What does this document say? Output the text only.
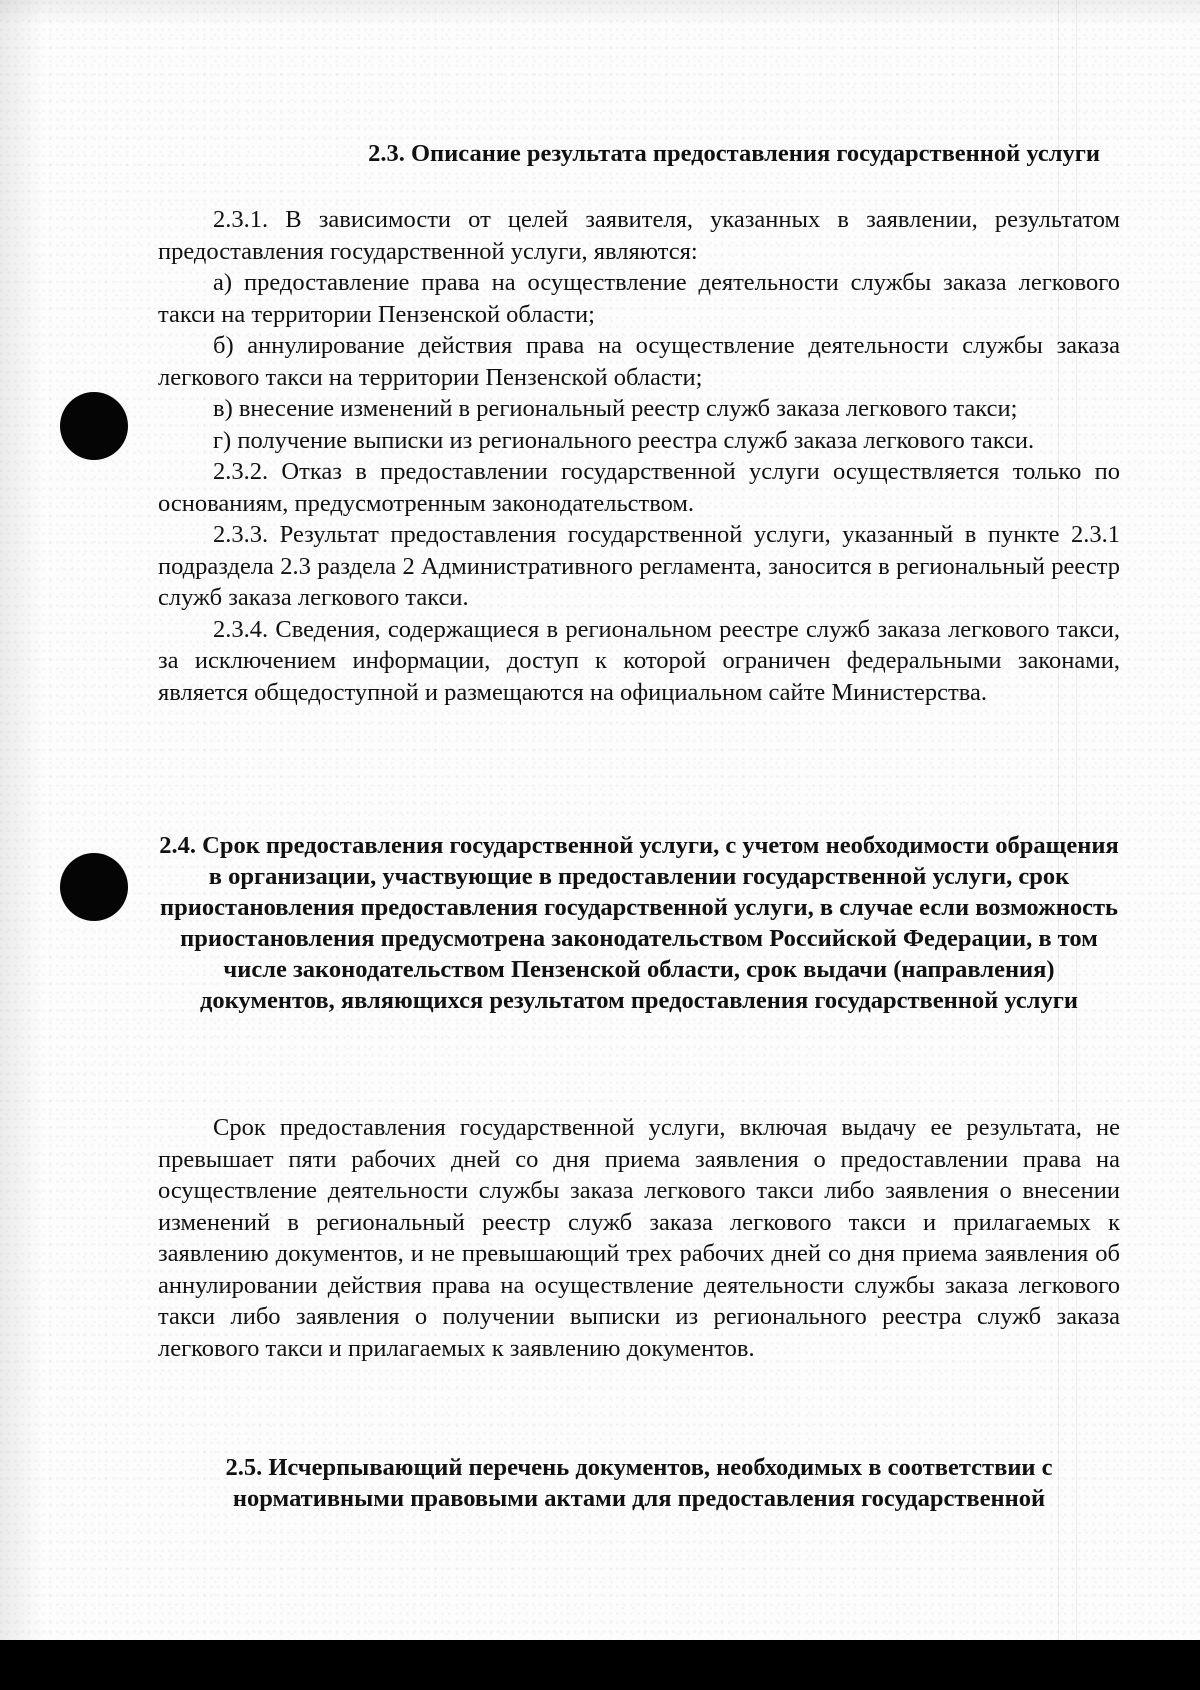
2.3. Описание результата предоставления государственной услуги

2.3.1. В зависимости от целей заявителя, указанных в заявлении, результатом предоставления государственной услуги, являются:

а) предоставление права на осуществление деятельности службы заказа легкового такси на территории Пензенской области;

б) аннулирование действия права на осуществление деятельности службы заказа легкового такси на территории Пензенской области;

в) внесение изменений в региональный реестр служб заказа легкового такси;

г) получение выписки из регионального реестра служб заказа легкового такси.

2.3.2. Отказ в предоставлении государственной услуги осуществляется только по основаниям, предусмотренным законодательством.

2.3.3. Результат предоставления государственной услуги, указанный в пункте 2.3.1 подраздела 2.3 раздела 2 Административного регламента, заносится в региональный реестр служб заказа легкового такси.

2.3.4. Сведения, содержащиеся в региональном реестре служб заказа легкового такси, за исключением информации, доступ к которой ограничен федеральными законами, является общедоступной и размещаются на официальном сайте Министерства.

2.4. Срок предоставления государственной услуги, с учетом необходимости обращения в организации, участвующие в предоставлении государственной услуги, срок приостановления предоставления государственной услуги, в случае если возможность приостановления предусмотрена законодательством Российской Федерации, в том числе законодательством Пензенской области, срок выдачи (направления) документов, являющихся результатом предоставления государственной услуги

Срок предоставления государственной услуги, включая выдачу ее результата, не превышает пяти рабочих дней со дня приема заявления о предоставлении права на осуществление деятельности службы заказа легкового такси либо заявления о внесении изменений в региональный реестр служб заказа легкового такси и прилагаемых к заявлению документов, и не превышающий трех рабочих дней со дня приема заявления об аннулировании действия права на осуществление деятельности службы заказа легкового такси либо заявления о получении выписки из регионального реестра служб заказа легкового такси и прилагаемых к заявлению документов.

2.5. Исчерпывающий перечень документов, необходимых в соответствии с нормативными правовыми актами для предоставления государственной
